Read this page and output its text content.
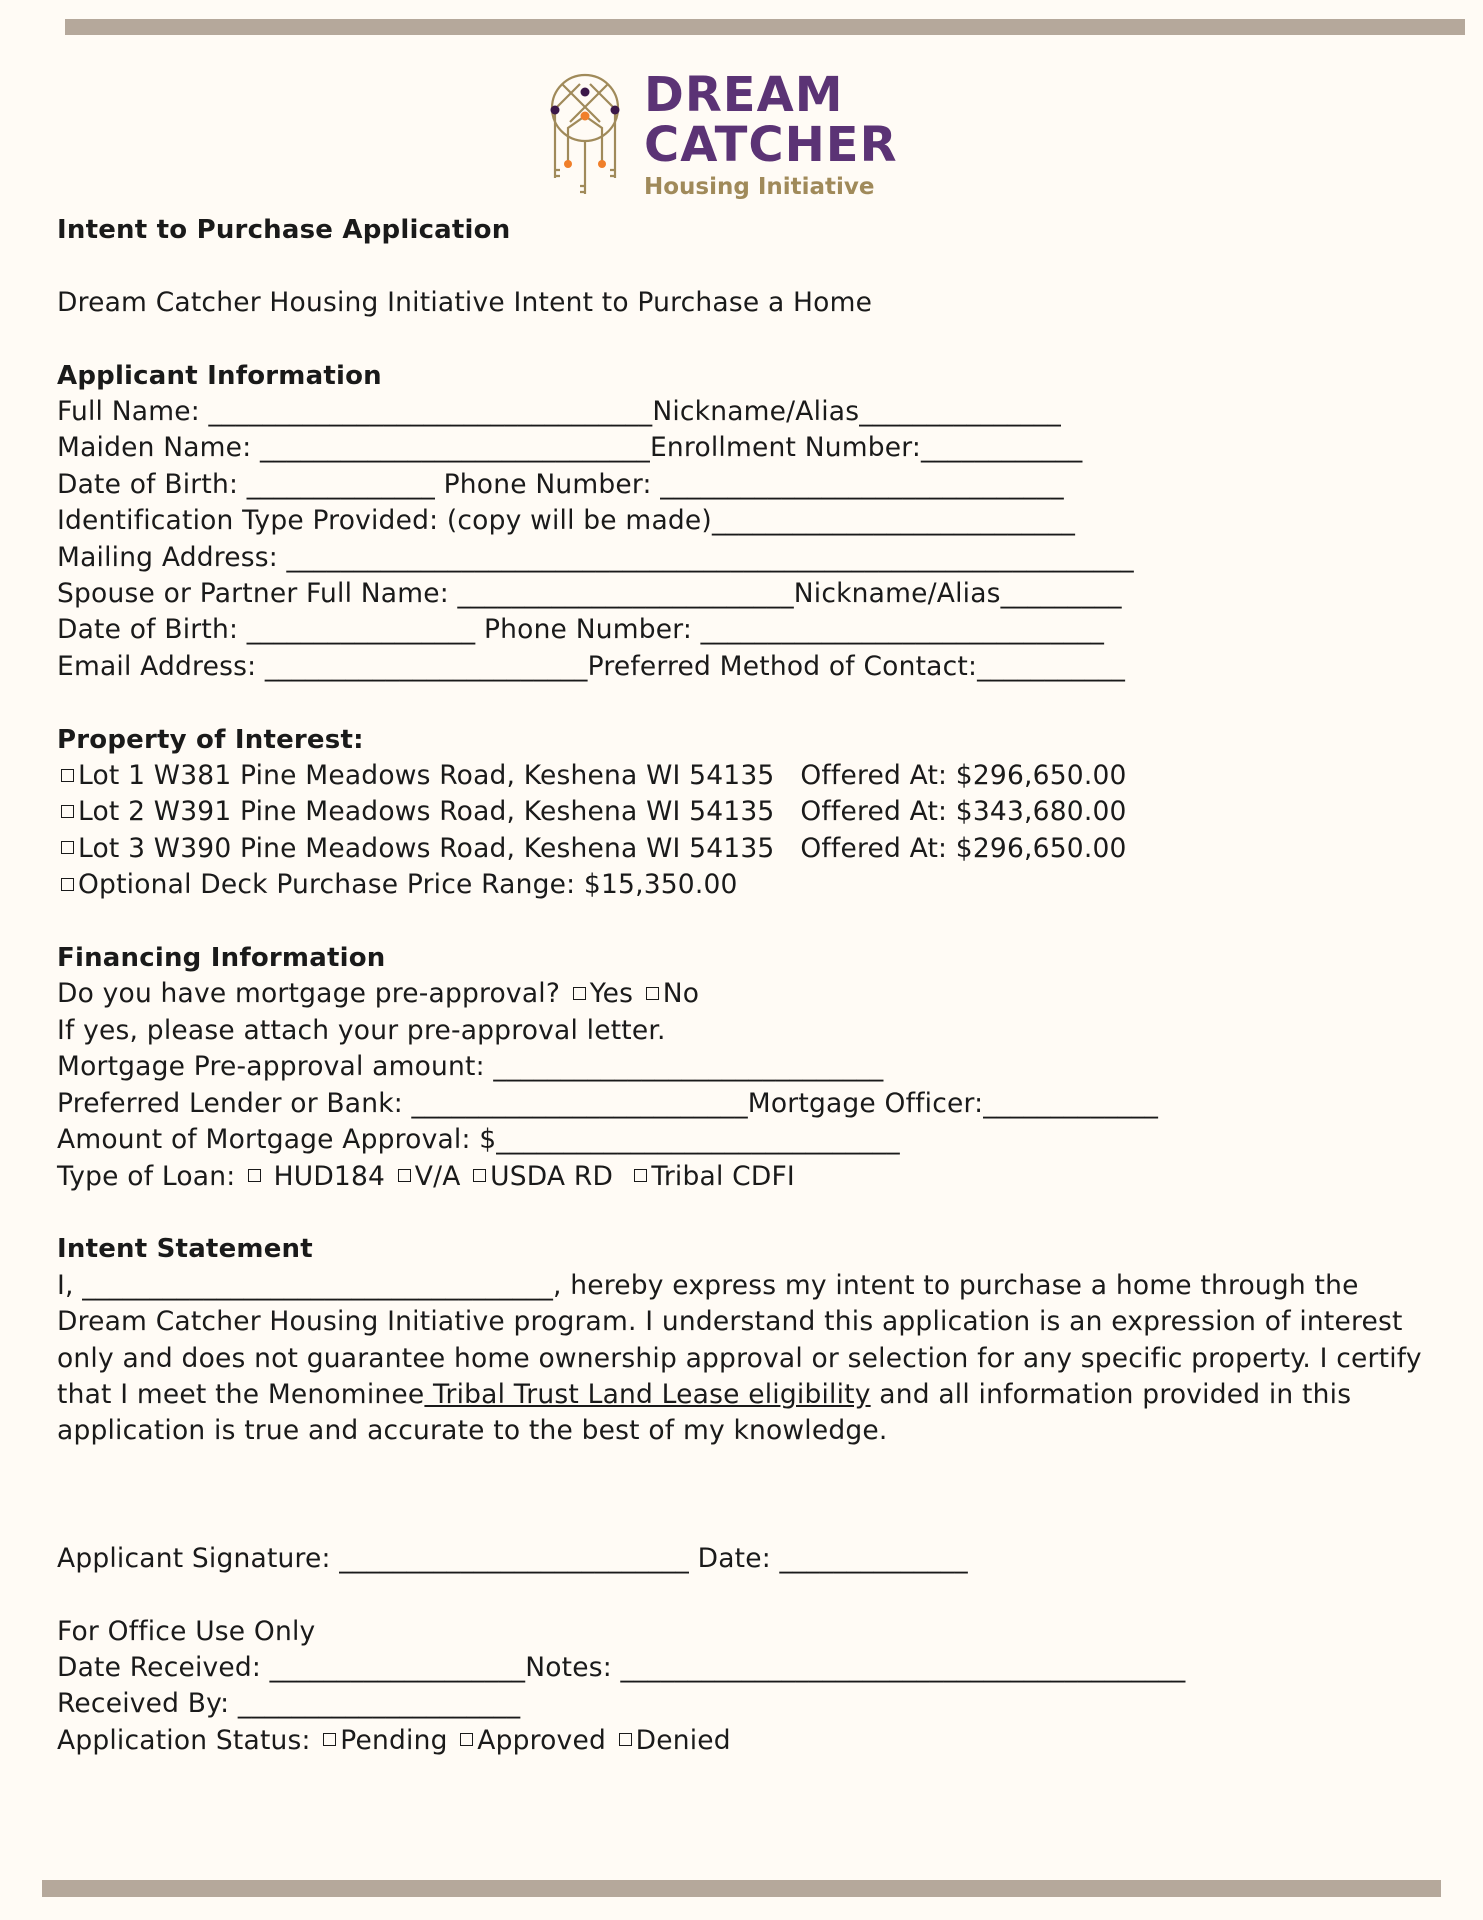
DREAM
CATCHER
Housing Initiative
Intent to Purchase Application
Dream Catcher Housing Initiative Intent to Purchase a Home
Applicant Information
Full Name: _________________________________Nickname/Alias_______________
Maiden Name: _____________________________Enrollment Number:____________
Date of Birth: ______________ Phone Number: ______________________________
Identification Type Provided: (copy will be made)___________________________
Mailing Address: _______________________________________________________________
Spouse or Partner Full Name: _________________________Nickname/Alias_________
Date of Birth: _________________ Phone Number: ______________________________
Email Address: ________________________Preferred Method of Contact:___________
Property of Interest:
Lot 1 W381 Pine Meadows Road, Keshena WI 54135   Offered At: $296,650.00
Lot 2 W391 Pine Meadows Road, Keshena WI 54135   Offered At: $343,680.00
Lot 3 W390 Pine Meadows Road, Keshena WI 54135   Offered At: $296,650.00
Optional Deck Purchase Price Range: $15,350.00
Financing Information
Do you have mortgage pre-approval? Yes No
If yes, please attach your pre-approval letter.
Mortgage Pre-approval amount: _____________________________
Preferred Lender or Bank: _________________________Mortgage Officer:_____________
Amount of Mortgage Approval: $______________________________
Type of Loan: HUD184 V/A USDA RD Tribal CDFI
Intent Statement
I, ___________________________________, hereby express my intent to purchase a home through the Dream Catcher Housing Initiative program. I understand this application is an expression of interest only and does not guarantee home ownership approval or selection for any specific property. I certify that I meet the Menominee Tribal Trust Land Lease eligibility and all information provided in this application is true and accurate to the best of my knowledge.
Applicant Signature: __________________________ Date: ______________
For Office Use Only
Date Received: ___________________Notes: __________________________________________
Received By: _____________________
Application Status: Pending Approved Denied
